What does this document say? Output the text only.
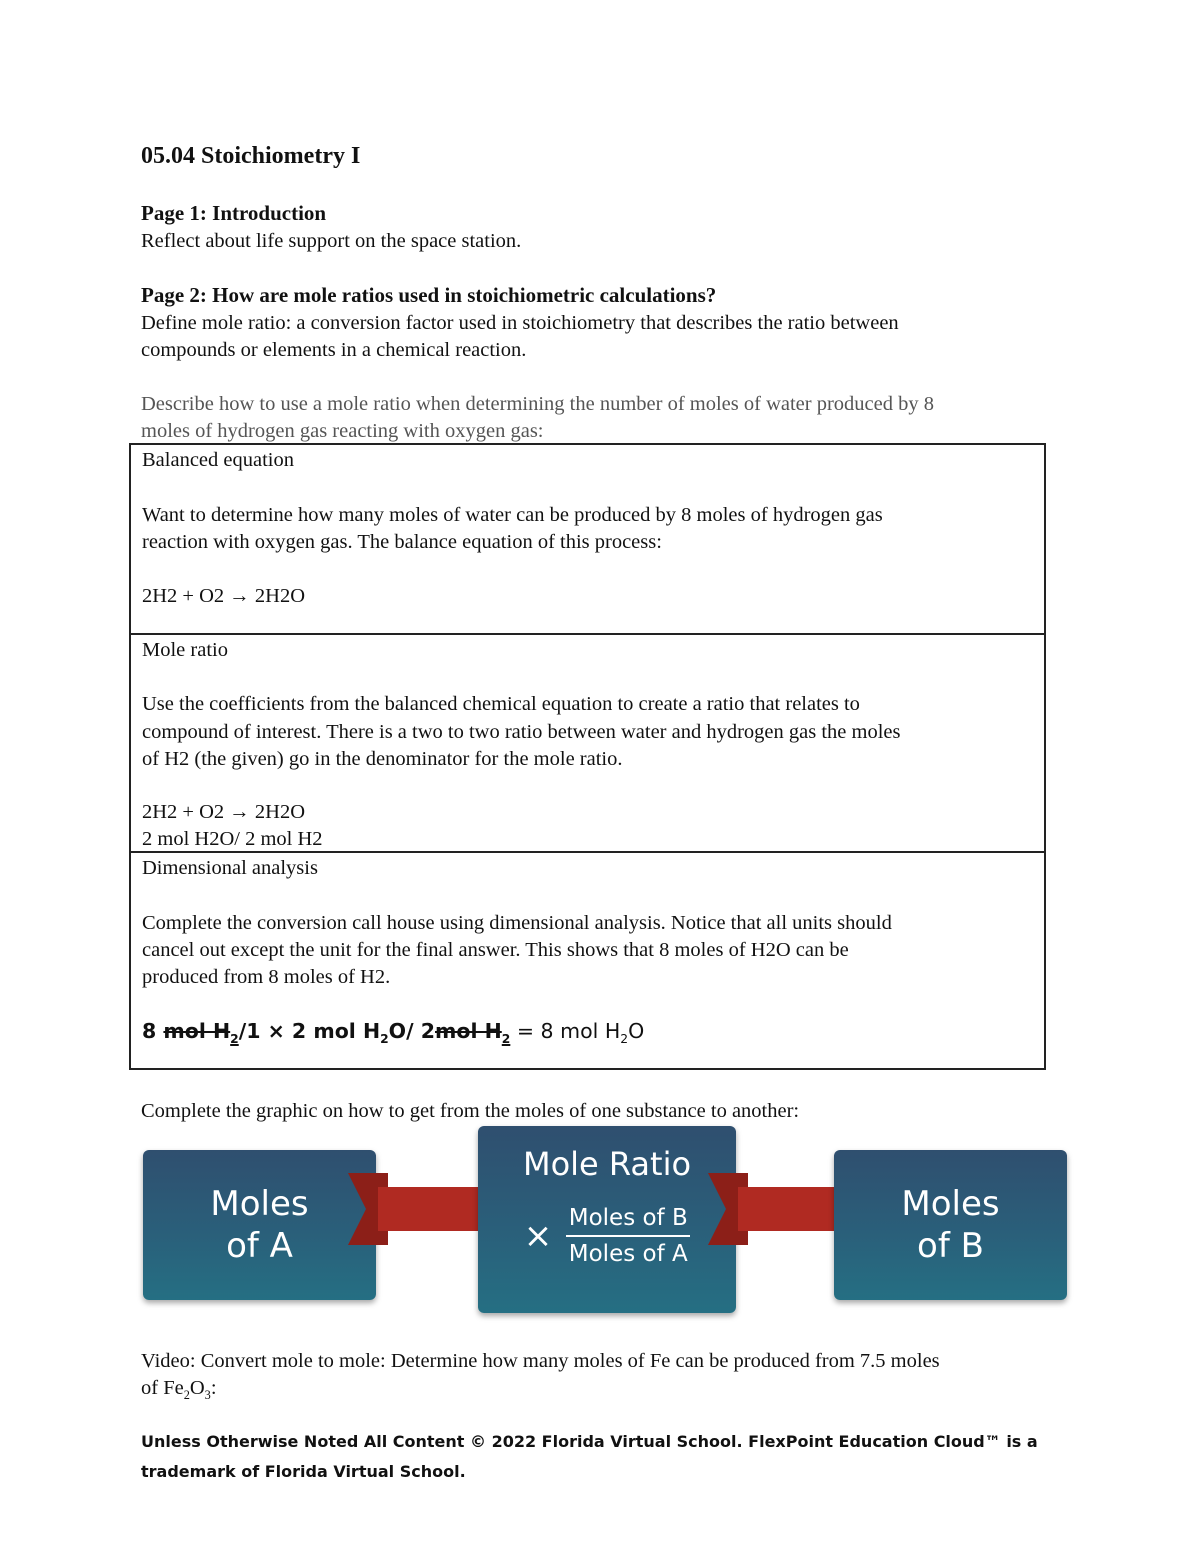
05.04 Stoichiometry I
Page 1: Introduction
Reflect about life support on the space station.
Page 2: How are mole ratios used in stoichiometric calculations?
Define mole ratio: a conversion factor used in stoichiometry that describes the ratio between
compounds or elements in a chemical reaction.
Describe how to use a mole ratio when determining the number of moles of water produced by 8
moles of hydrogen gas reacting with oxygen gas:
Balanced equation
Want to determine how many moles of water can be produced by 8 moles of hydrogen gas
reaction with oxygen gas. The balance equation of this process:
2H2 + O2 → 2H2O
Mole ratio
Use the coefficients from the balanced chemical equation to create a ratio that relates to
compound of interest. There is a two to two ratio between water and hydrogen gas the moles
of H2 (the given) go in the denominator for the mole ratio.
2H2 + O2 → 2H2O
2 mol H2O/ 2 mol H2
Dimensional analysis
Complete the conversion call house using dimensional analysis. Notice that all units should
cancel out except the unit for the final answer. This shows that 8 moles of H2O can be
produced from 8 moles of H2.
8 mol $H_2/1 \times 2$ mol $H_2O/$ 2mol $H_2 = 8$ mol $H_2O$
Complete the graphic on how to get from the moles of one substance to another:
Moles
of A
Mole Ratio
× Moles of B
Moles of A
Moles
of B
Video: Convert mole to mole: Determine how many moles of Fe can be produced from 7.5 moles
of $Fe_2O_3$:
Unless Otherwise Noted All Content © 2022 Florida Virtual School. FlexPoint Education Cloud™ is a
trademark of Florida Virtual School.
